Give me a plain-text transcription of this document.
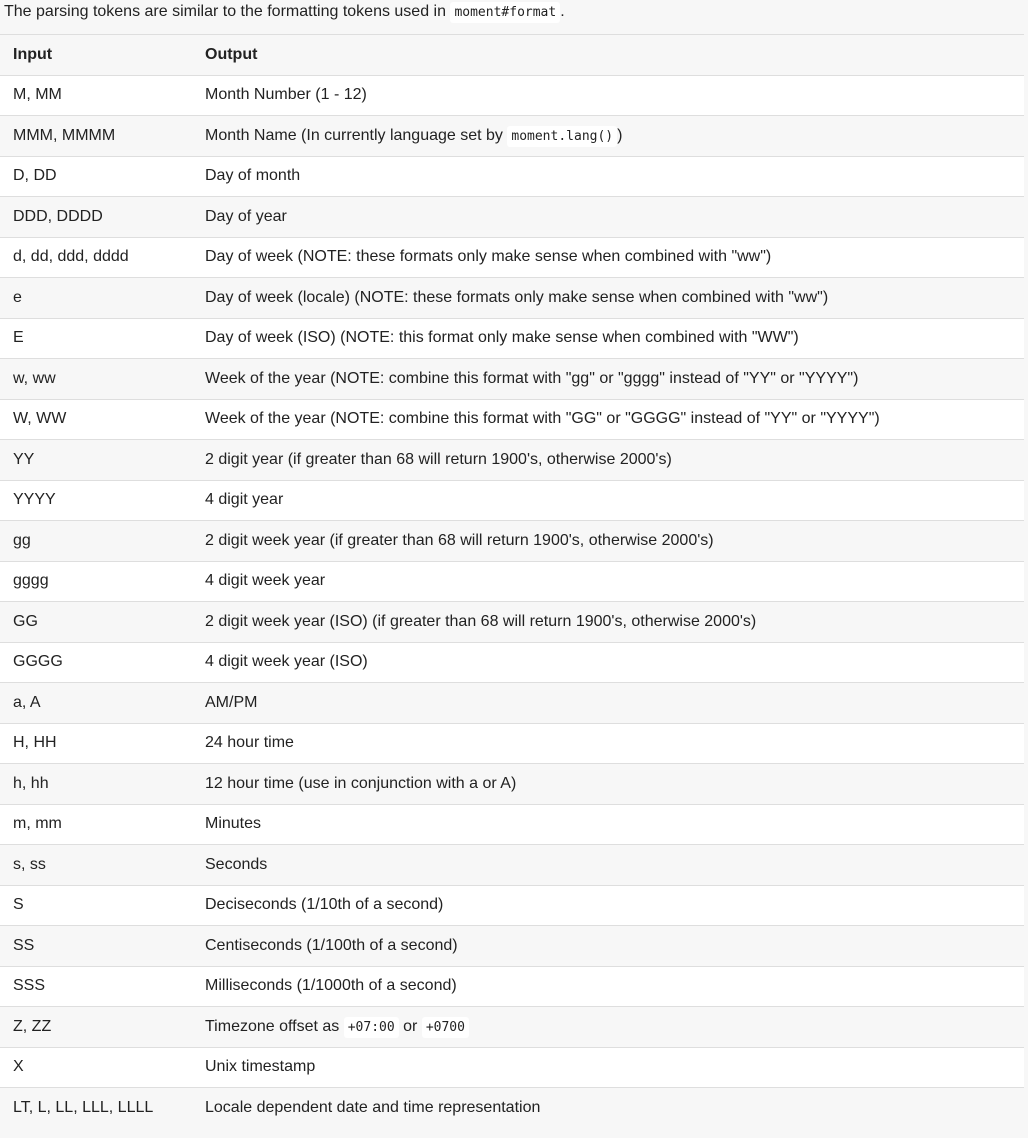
The parsing tokens are similar to the formatting tokens used in moment#format .
Input	Output
M, MM	Month Number (1 - 12)
MMM, MMMM	Month Name (In currently language set by moment.lang() )
D, DD	Day of month
DDD, DDDD	Day of year
d, dd, ddd, dddd	Day of week (NOTE: these formats only make sense when combined with "ww")
e	Day of week (locale) (NOTE: these formats only make sense when combined with "ww")
E	Day of week (ISO) (NOTE: this format only make sense when combined with "WW")
w, ww	Week of the year (NOTE: combine this format with "gg" or "gggg" instead of "YY" or "YYYY")
W, WW	Week of the year (NOTE: combine this format with "GG" or "GGGG" instead of "YY" or "YYYY")
YY	2 digit year (if greater than 68 will return 1900's, otherwise 2000's)
YYYY	4 digit year
gg	2 digit week year (if greater than 68 will return 1900's, otherwise 2000's)
gggg	4 digit week year
GG	2 digit week year (ISO) (if greater than 68 will return 1900's, otherwise 2000's)
GGGG	4 digit week year (ISO)
a, A	AM/PM
H, HH	24 hour time
h, hh	12 hour time (use in conjunction with a or A)
m, mm	Minutes
s, ss	Seconds
S	Deciseconds (1/10th of a second)
SS	Centiseconds (1/100th of a second)
SSS	Milliseconds (1/1000th of a second)
Z, ZZ	Timezone offset as +07:00 or +0700
X	Unix timestamp
LT, L, LL, LLL, LLLL	Locale dependent date and time representation
